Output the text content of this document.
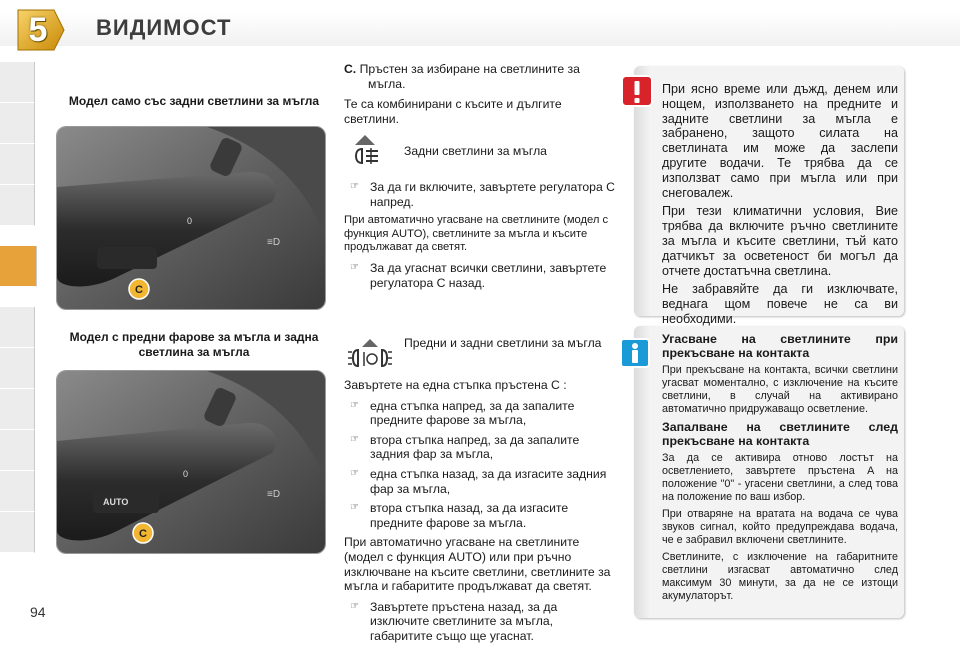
5	ВИДИМОСТ
94
Модел само със задни светлини за мъгла
0
≡D
C
Модел с предни фарове за мъгла и задна светлина за мъгла
AUTO
0
≡D
C

C. Пръстен за избиране на светлините за мъгла.

Те са комбинирани с късите и дългите светлини.

Задни светлини за мъгла
☞ За да ги включите, завъртете регулатора C напред.

При автоматично угасване на светлините (модел с функция AUTO), светлините за мъгла и късите продължават да светят.

☞ За да угаснат всички светлини, завъртете регулатора C назад.
Предни и задни светлини за мъгла

Завъртете на една стъпка пръстена C :

☞ една стъпка напред, за да запалите предните фарове за мъгла,
☞ втора стъпка напред, за да запалите задния фар за мъгла,
☞ една стъпка назад, за да изгасите задния фар за мъгла,
☞ втора стъпка назад, за да изгасите предните фарове за мъгла.

При автоматично угасване на светлините (модел с функция AUTO) или при ръчно изключване на късите светлини, светлините за мъгла и габаритите продължават да светят.

☞ Завъртете пръстена назад, за да изключите светлините за мъгла, габаритите също ще угаснат.

При ясно време или дъжд, денем или нощем, използването на предните и задните светлини за мъгла е забранено, защото силата на светлината им може да заслепи другите водачи. Те трябва да се използват само при мъгла или при снеговалеж.

При тези климатични условия, Вие трябва да включите ръчно светлините за мъгла и късите светлини, тъй като датчикът за осветеност би могъл да отчете достатъчна светлина.

Не забравяйте да ги изключвате, веднага щом повече не са ви необходими.

Угасване на светлините при прекъсване на контакта
При прекъсване на контакта, всички светлини угасват моментално, с изключение на късите светлини, в случай на активирано автоматично придружаващо осветление.
Запалване на светлините след прекъсване на контакта
За да се активира отново лостът на осветлението, завъртете пръстена A на положение "0" - угасени светлини, а след това на положение по ваш избор.
При отваряне на вратата на водача се чува звуков сигнал, който предупреждава водача, че е забравил включени светлините.
Светлините, с изключение на габаритните светлини изгасват автоматично след максимум 30 минути, за да не се изтощи акумулаторът.
